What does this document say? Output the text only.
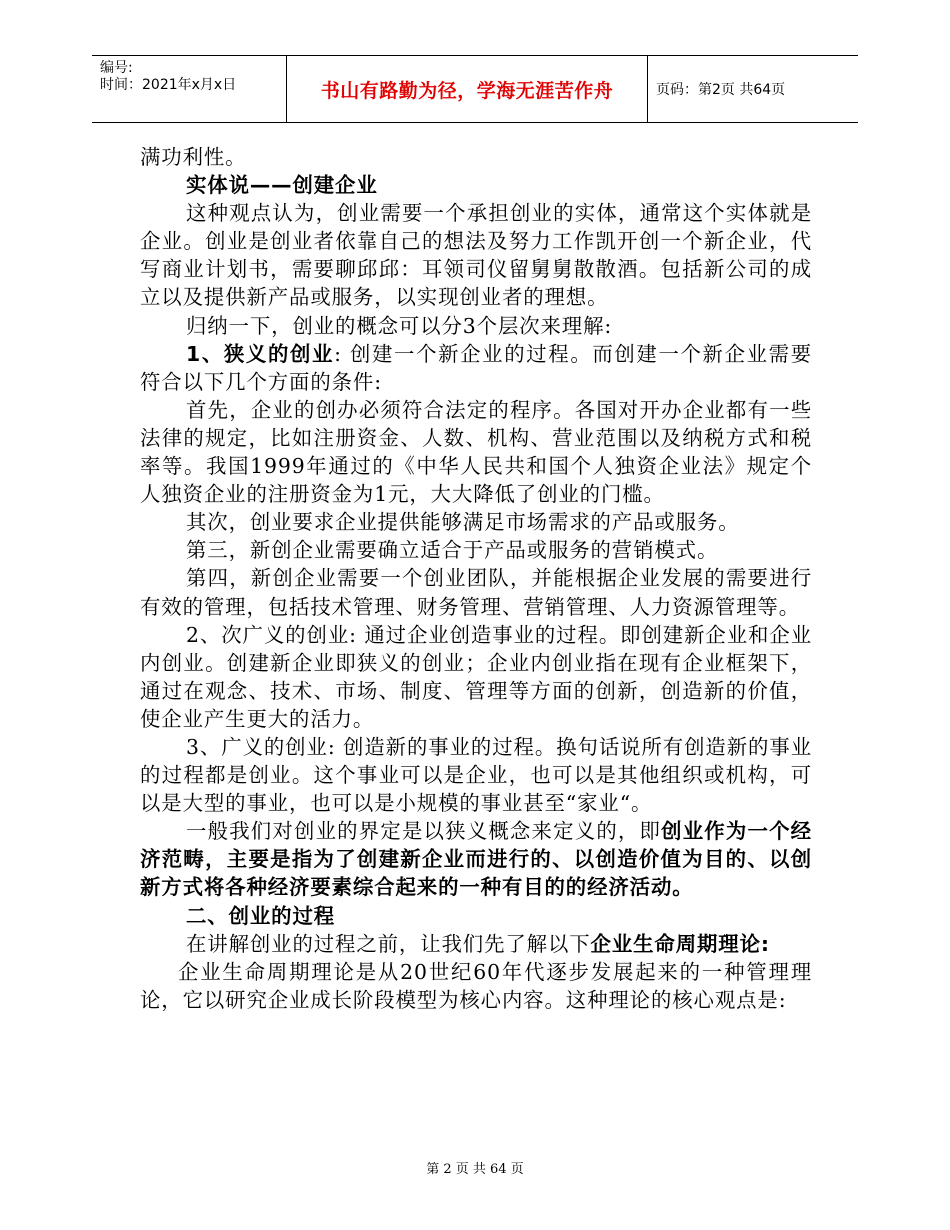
编号:
时间：2021年x月x日	书山有路勤为径，学海无涯苦作舟	页码：第2页 共64页

满功利性。

实体说——创建企业

这种观点认为，创业需要一个承担创业的实体，通常这个实体就是企业。创业是创业者依靠自己的想法及努力工作凯开创一个新企业，代写商业计划书，需要聊邱邱：耳领司仪留舅舅散散酒。包括新公司的成立以及提供新产品或服务，以实现创业者的理想。

归纳一下，创业的概念可以分3个层次来理解:

1、狭义的创业: 创建一个新企业的过程。而创建一个新企业需要符合以下几个方面的条件:

首先，企业的创办必须符合法定的程序。各国对开办企业都有一些法律的规定，比如注册资金、人数、机构、营业范围以及纳税方式和税率等。我国1999年通过的《中华人民共和国个人独资企业法》规定个人独资企业的注册资金为1元，大大降低了创业的门槛。

其次，创业要求企业提供能够满足市场需求的产品或服务。

第三，新创企业需要确立适合于产品或服务的营销模式。

第四，新创企业需要一个创业团队，并能根据企业发展的需要进行有效的管理，包括技术管理、财务管理、营销管理、人力资源管理等。

2、次广义的创业: 通过企业创造事业的过程。即创建新企业和企业内创业。创建新企业即狭义的创业；企业内创业指在现有企业框架下，通过在观念、技术、市场、制度、管理等方面的创新，创造新的价值，使企业产生更大的活力。

3、广义的创业: 创造新的事业的过程。换句话说所有创造新的事业的过程都是创业。这个事业可以是企业，也可以是其他组织或机构，可以是大型的事业，也可以是小规模的事业甚至“家业“。

一般我们对创业的界定是以狭义概念来定义的，即创业作为一个经济范畴，主要是指为了创建新企业而进行的、以创造价值为目的、以创新方式将各种经济要素综合起来的一种有目的的经济活动。

二、创业的过程

在讲解创业的过程之前，让我们先了解以下企业生命周期理论:

企业生命周期理论是从20世纪60年代逐步发展起来的一种管理理论，它以研究企业成长阶段模型为核心内容。这种理论的核心观点是:

第 2 页 共 64 页
